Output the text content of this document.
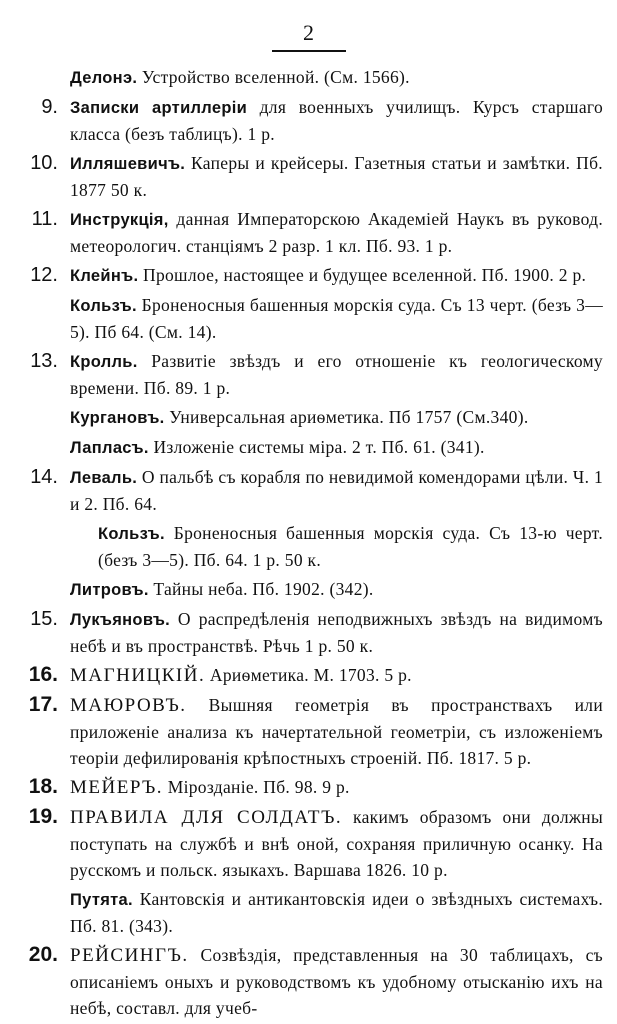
2
Делонэ. Устройство вселенной. (См. 1566).
9. Записки артиллеріи для военныхъ училищъ. Курсъ старшаго класса (безъ таблицъ). 1 р.
10. Илляшевичъ. Каперы и крейсеры. Газетныя статьи и замѣтки. Пб. 1877 50 к.
11. Инструкція, данная Императорскою Академіей Наукъ въ руковод. метеорологич. станціямъ 2 разр. 1 кл. Пб. 93. 1 р.
12. Клейнъ. Прошлое, настоящее и будущее вселенной. Пб. 1900. 2 р.
Кользъ. Броненосныя башенныя морскія суда. Съ 13 черт. (безъ 3—5). Пб 64. (См. 14).
13. Кролль. Развитіе звѣздъ и его отношеніе къ геологическому времени. Пб. 89. 1 р.
Кургановъ. Универсальная ариѳметика. Пб 1757 (См.340).
Лапласъ. Изложеніе системы міра. 2 т. Пб. 61. (341).
14. Леваль. О пальбѣ съ корабля по невидимой комендорами цѣли. Ч. 1 и 2. Пб. 64.
Кользъ. Броненосныя башенныя морскія суда. Съ 13-ю черт. (безъ 3—5). Пб. 64. 1 р. 50 к.
Литровъ. Тайны неба. Пб. 1902. (342).
15. Лукъяновъ. О распредѣленія неподвижныхъ звѣздъ на видимомъ небѣ и въ пространствѣ. Рѣчь 1 р. 50 к.
16. МАГНИЦКІЙ. Ариѳметика. М. 1703. 5 р.
17. МАЮРОВЪ. Вышняя геометрія въ пространствахъ или приложеніе анализа къ начертательной геометріи, съ изложеніемъ теоріи дефилированія крѣпостныхъ строеній. Пб. 1817. 5 р.
18. МЕЙЕРЪ. Мірозданіе. Пб. 98. 9 р.
19. ПРАВИЛА ДЛЯ СОЛДАТЪ. какимъ образомъ они должны поступать на службѣ и внѣ оной, сохраняя приличную осанку. На русскомъ и польск. языкахъ. Варшава 1826. 10 р.
Путята. Кантовскія и антикантовскія идеи о звѣздныхъ системахъ. Пб. 81. (343).
20. РЕЙСИНГЪ. Созвѣздія, представленныя на 30 таблицахъ, съ описаніемъ оныхъ и руководствомъ къ удобному отысканію ихъ на небѣ, составл. для учеб-
